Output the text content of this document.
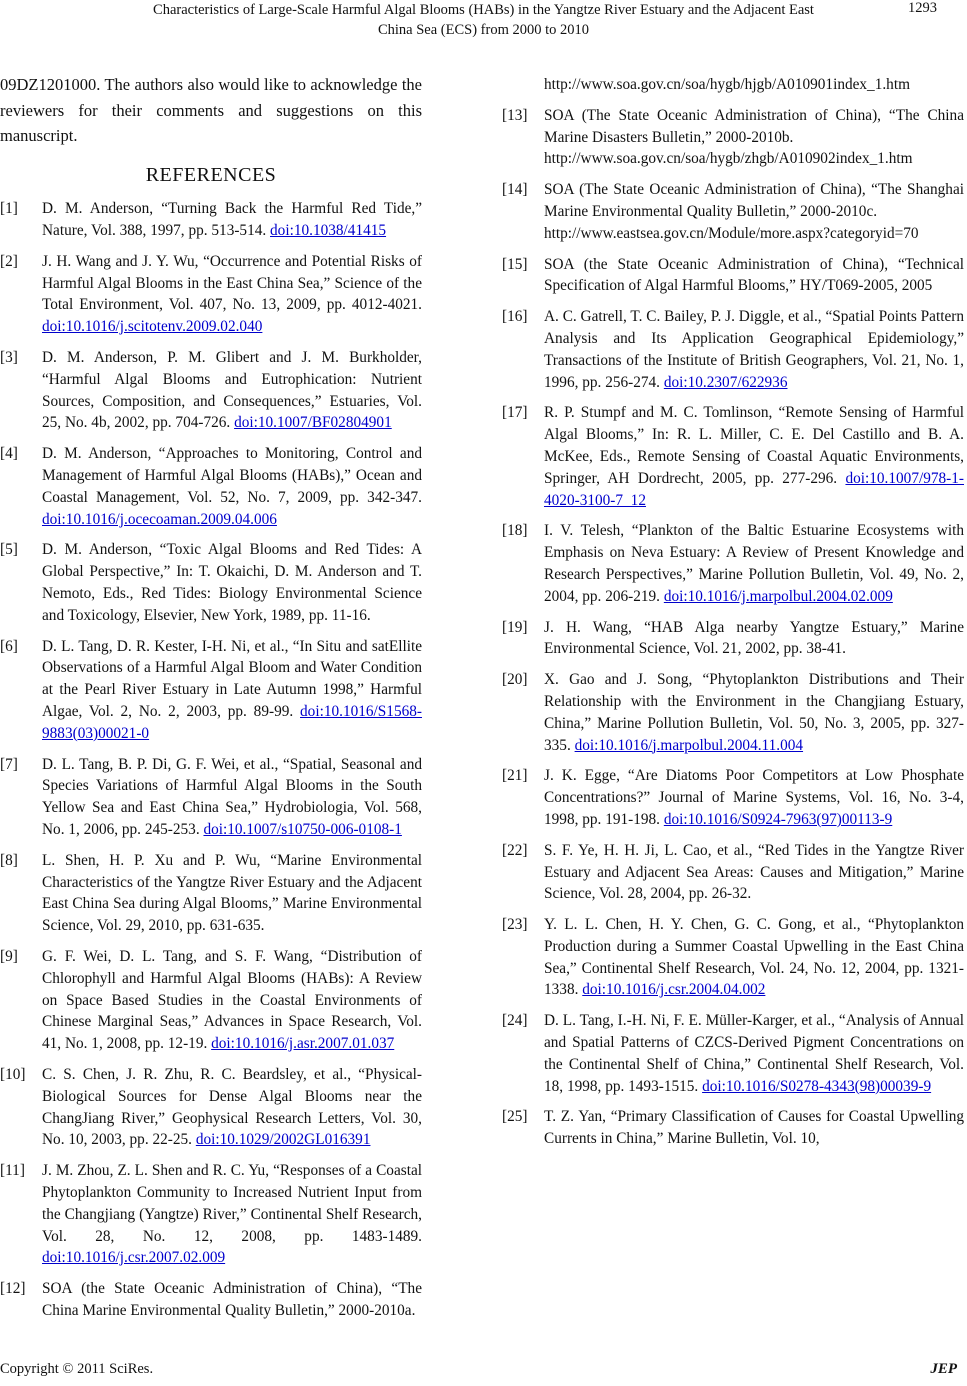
Characteristics of Large-Scale Harmful Algal Blooms (HABs) in the Yangtze River Estuary and the Adjacent East
China Sea (ECS) from 2000 to 2010
1293

09DZ1201000. The authors also would like to acknowledge the reviewers for their comments and suggestions on this manuscript.

REFERENCES
[1]	D. M. Anderson, “Turning Back the Harmful Red Tide,” Nature, Vol. 388, 1997, pp. 513-514. doi:10.1038/41415
[2]	J. H. Wang and J. Y. Wu, “Occurrence and Potential Risks of Harmful Algal Blooms in the East China Sea,” Science of the Total Environment, Vol. 407, No. 13, 2009, pp. 4012-4021. doi:10.1016/j.scitotenv.2009.02.040
[3]	D. M. Anderson, P. M. Glibert and J. M. Burkholder, “Harmful Algal Blooms and Eutrophication: Nutrient Sources, Composition, and Consequences,” Estuaries, Vol. 25, No. 4b, 2002, pp. 704-726. doi:10.1007/BF02804901
[4]	D. M. Anderson, “Approaches to Monitoring, Control and Management of Harmful Algal Blooms (HABs),” Ocean and Coastal Management, Vol. 52, No. 7, 2009, pp. 342-347. doi:10.1016/j.ocecoaman.2009.04.006
[5]	D. M. Anderson, “Toxic Algal Blooms and Red Tides: A Global Perspective,” In: T. Okaichi, D. M. Anderson and T. Nemoto, Eds., Red Tides: Biology Environmental Science and Toxicology, Elsevier, New York, 1989, pp. 11-16.
[6]	D. L. Tang, D. R. Kester, I-H. Ni, et al., “In Situ and satEllite Observations of a Harmful Algal Bloom and Water Condition at the Pearl River Estuary in Late Autumn 1998,” Harmful Algae, Vol. 2, No. 2, 2003, pp. 89-99. doi:10.1016/S1568-9883(03)00021-0
[7]	D. L. Tang, B. P. Di, G. F. Wei, et al., “Spatial, Seasonal and Species Variations of Harmful Algal Blooms in the South Yellow Sea and East China Sea,” Hydrobiologia, Vol. 568, No. 1, 2006, pp. 245-253. doi:10.1007/s10750-006-0108-1
[8]	L. Shen, H. P. Xu and P. Wu, “Marine Environmental Characteristics of the Yangtze River Estuary and the Adjacent East China Sea during Algal Blooms,” Marine Environmental Science, Vol. 29, 2010, pp. 631-635.
[9]	G. F. Wei, D. L. Tang, and S. F. Wang, “Distribution of Chlorophyll and Harmful Algal Blooms (HABs): A Review on Space Based Studies in the Coastal Environments of Chinese Marginal Seas,” Advances in Space Research, Vol. 41, No. 1, 2008, pp. 12-19. doi:10.1016/j.asr.2007.01.037
[10]	C. S. Chen, J. R. Zhu, R. C. Beardsley, et al., “Physical-Biological Sources for Dense Algal Blooms near the ChangJiang River,” Geophysical Research Letters, Vol. 30, No. 10, 2003, pp. 22-25. doi:10.1029/2002GL016391
[11]	J. M. Zhou, Z. L. Shen and R. C. Yu, “Responses of a Coastal Phytoplankton Community to Increased Nutrient Input from the Changjiang (Yangtze) River,” Continental Shelf Research, Vol. 28, No. 12, 2008, pp. 1483-1489. doi:10.1016/j.csr.2007.02.009
[12]	SOA (the State Oceanic Administration of China), “The China Marine Environmental Quality Bulletin,” 2000-2010a.
http://www.soa.gov.cn/soa/hygb/hjgb/A010901index_1.htm
[13]	SOA (The State Oceanic Administration of China), “The China Marine Disasters Bulletin,” 2000-2010b.
http://www.soa.gov.cn/soa/hygb/zhgb/A010902index_1.htm
[14]	SOA (The State Oceanic Administration of China), “The Shanghai Marine Environmental Quality Bulletin,” 2000-2010c.
http://www.eastsea.gov.cn/Module/more.aspx?categoryid=70
[15]	SOA (the State Oceanic Administration of China), “Technical Specification of Algal Harmful Blooms,” HY/T069-2005, 2005
[16]	A. C. Gatrell, T. C. Bailey, P. J. Diggle, et al., “Spatial Points Pattern Analysis and Its Application Geographical Epidemiology,” Transactions of the Institute of British Geographers, Vol. 21, No. 1, 1996, pp. 256-274. doi:10.2307/622936
[17]	R. P. Stumpf and M. C. Tomlinson, “Remote Sensing of Harmful Algal Blooms,” In: R. L. Miller, C. E. Del Castillo and B. A. McKee, Eds., Remote Sensing of Coastal Aquatic Environments, Springer, AH Dordrecht, 2005, pp. 277-296. doi:10.1007/978-1-4020-3100-7_12
[18]	I. V. Telesh, “Plankton of the Baltic Estuarine Ecosystems with Emphasis on Neva Estuary: A Review of Present Knowledge and Research Perspectives,” Marine Pollution Bulletin, Vol. 49, No. 2, 2004, pp. 206-219. doi:10.1016/j.marpolbul.2004.02.009
[19]	J. H. Wang, “HAB Alga nearby Yangtze Estuary,” Marine Environmental Science, Vol. 21, 2002, pp. 38-41.
[20]	X. Gao and J. Song, “Phytoplankton Distributions and Their Relationship with the Environment in the Changjiang Estuary, China,” Marine Pollution Bulletin, Vol. 50, No. 3, 2005, pp. 327-335. doi:10.1016/j.marpolbul.2004.11.004
[21]	J. K. Egge, “Are Diatoms Poor Competitors at Low Phosphate Concentrations?” Journal of Marine Systems, Vol. 16, No. 3-4, 1998, pp. 191-198. doi:10.1016/S0924-7963(97)00113-9
[22]	S. F. Ye, H. H. Ji, L. Cao, et al., “Red Tides in the Yangtze River Estuary and Adjacent Sea Areas: Causes and Mitigation,” Marine Science, Vol. 28, 2004, pp. 26-32.
[23]	Y. L. L. Chen, H. Y. Chen, G. C. Gong, et al., “Phytoplankton Production during a Summer Coastal Upwelling in the East China Sea,” Continental Shelf Research, Vol. 24, No. 12, 2004, pp. 1321-1338. doi:10.1016/j.csr.2004.04.002
[24]	D. L. Tang, I.-H. Ni, F. E. Müller-Karger, et al., “Analysis of Annual and Spatial Patterns of CZCS-Derived Pigment Concentrations on the Continental Shelf of China,” Continental Shelf Research, Vol. 18, 1998, pp. 1493-1515. doi:10.1016/S0278-4343(98)00039-9
[25]	T. Z. Yan, “Primary Classification of Causes for Coastal Upwelling Currents in China,” Marine Bulletin, Vol. 10,
Copyright © 2011 SciRes.	JEP
